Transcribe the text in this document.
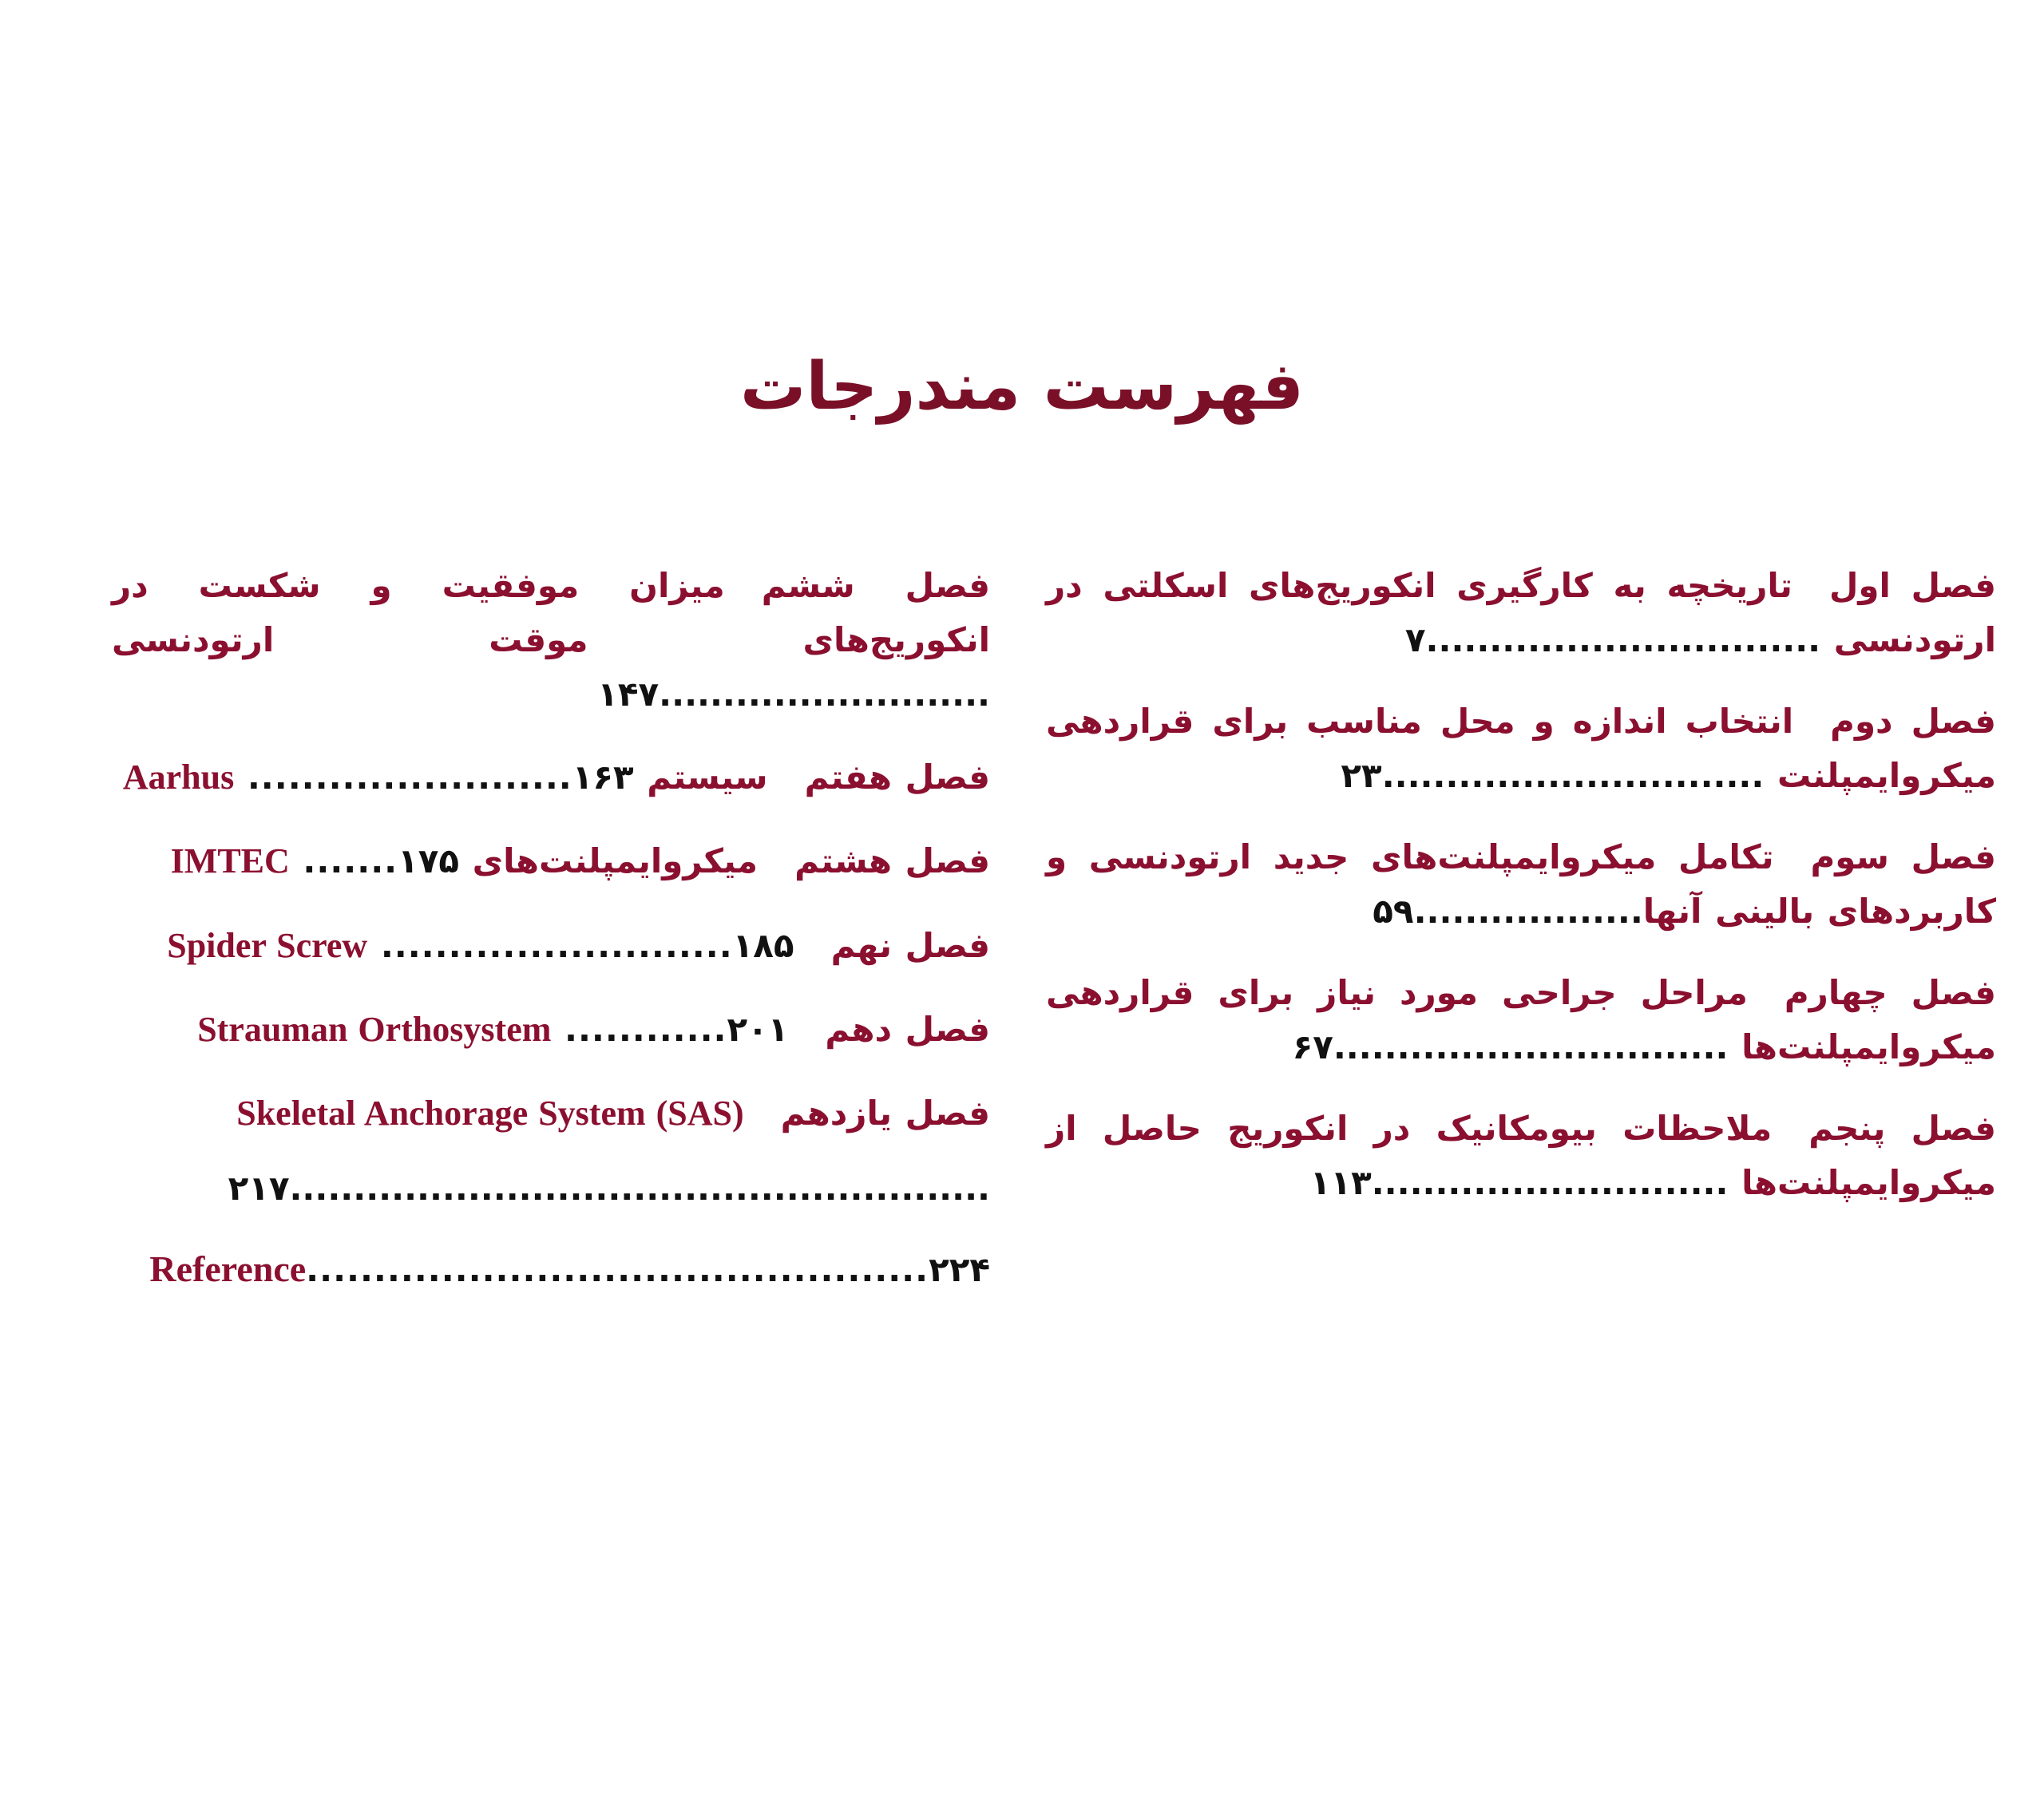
فهرست مندرجات
فصل اولتاریخچه به کارگیری انکوریج‌های اسکلتی در ارتودنسی ...............................۷
فصل دومانتخاب اندازه و محل مناسب برای قراردهی میکروایمپلنت ..............................۲۳
فصل سومتکامل میکروایمپلنت‌های جدید ارتودنسی و کاربردهای بالینی آنها..................۵۹
فصل چهارممراحل جراحی مورد نیاز برای قراردهی میکروایمپلنت‌ها ...............................۶۷
فصل پنجمملاحظات بیومکانیک در انکوریج حاصل از میکروایمپلنت‌ها ............................۱۱۳
فصل ششممیزان موفقیت و شکست در انکوریج‌های موقت ارتودنسی ..........................۱۴۷
فصل هفتمسیستم Aarhus ........................۱۶۳
فصل هشتممیکروایمپلنت‌های IMTEC .......۱۷۵
فصل نهمSpider Screw ..........................۱۸۵
فصل دهمStrauman Orthosystem ............۲۰۱
فصل یازدهمSkeletal Anchorage System (SAS)
.......................................................۲۱۷
Reference..............................................۲۲۴
